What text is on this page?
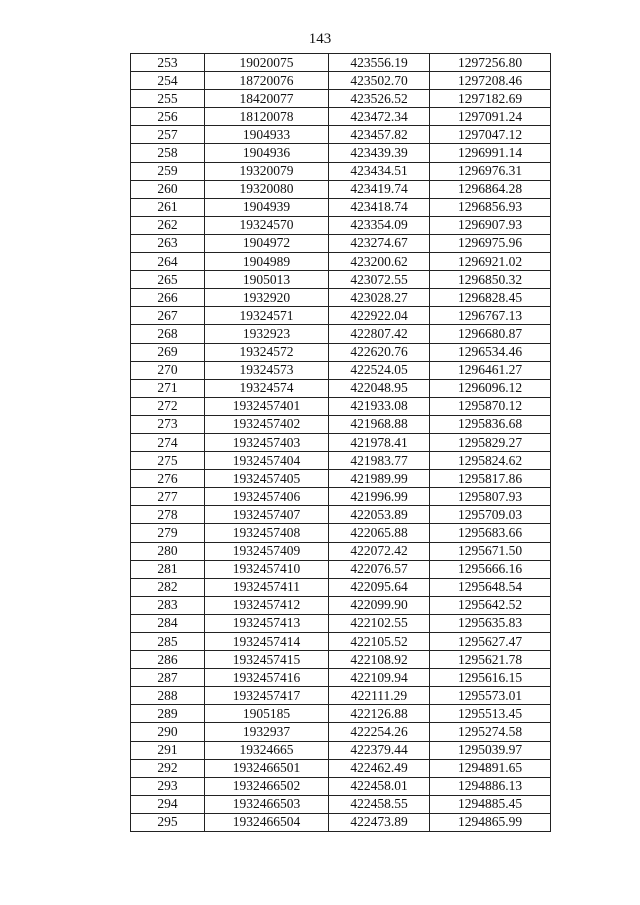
143
253	19020075	423556.19	1297256.80
254	18720076	423502.70	1297208.46
255	18420077	423526.52	1297182.69
256	18120078	423472.34	1297091.24
257	1904933	423457.82	1297047.12
258	1904936	423439.39	1296991.14
259	19320079	423434.51	1296976.31
260	19320080	423419.74	1296864.28
261	1904939	423418.74	1296856.93
262	19324570	423354.09	1296907.93
263	1904972	423274.67	1296975.96
264	1904989	423200.62	1296921.02
265	1905013	423072.55	1296850.32
266	1932920	423028.27	1296828.45
267	19324571	422922.04	1296767.13
268	1932923	422807.42	1296680.87
269	19324572	422620.76	1296534.46
270	19324573	422524.05	1296461.27
271	19324574	422048.95	1296096.12
272	1932457401	421933.08	1295870.12
273	1932457402	421968.88	1295836.68
274	1932457403	421978.41	1295829.27
275	1932457404	421983.77	1295824.62
276	1932457405	421989.99	1295817.86
277	1932457406	421996.99	1295807.93
278	1932457407	422053.89	1295709.03
279	1932457408	422065.88	1295683.66
280	1932457409	422072.42	1295671.50
281	1932457410	422076.57	1295666.16
282	1932457411	422095.64	1295648.54
283	1932457412	422099.90	1295642.52
284	1932457413	422102.55	1295635.83
285	1932457414	422105.52	1295627.47
286	1932457415	422108.92	1295621.78
287	1932457416	422109.94	1295616.15
288	1932457417	422111.29	1295573.01
289	1905185	422126.88	1295513.45
290	1932937	422254.26	1295274.58
291	19324665	422379.44	1295039.97
292	1932466501	422462.49	1294891.65
293	1932466502	422458.01	1294886.13
294	1932466503	422458.55	1294885.45
295	1932466504	422473.89	1294865.99
